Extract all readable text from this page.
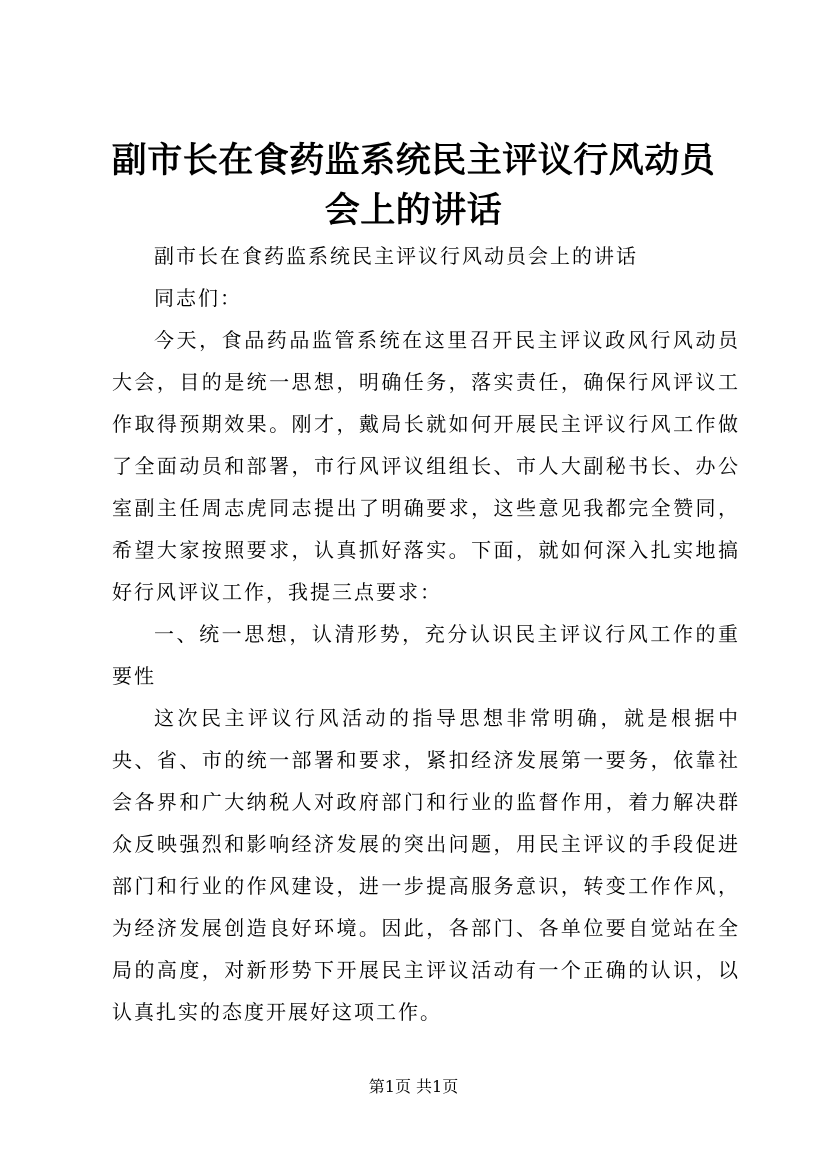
副市长在食药监系统民主评议行风动员会上的讲话

副市长在食药监系统民主评议行风动员会上的讲话

同志们：

今天，食品药品监管系统在这里召开民主评议政风行风动员大会，目的是统一思想，明确任务，落实责任，确保行风评议工作取得预期效果。刚才，戴局长就如何开展民主评议行风工作做了全面动员和部署，市行风评议组组长、市人大副秘书长、办公室副主任周志虎同志提出了明确要求，这些意见我都完全赞同，希望大家按照要求，认真抓好落实。下面，就如何深入扎实地搞好行风评议工作，我提三点要求：

一、统一思想，认清形势，充分认识民主评议行风工作的重要性

这次民主评议行风活动的指导思想非常明确，就是根据中央、省、市的统一部署和要求，紧扣经济发展第一要务，依靠社会各界和广大纳税人对政府部门和行业的监督作用，着力解决群众反映强烈和影响经济发展的突出问题，用民主评议的手段促进部门和行业的作风建设，进一步提高服务意识，转变工作作风，为经济发展创造良好环境。因此，各部门、各单位要自觉站在全局的高度，对新形势下开展民主评议活动有一个正确的认识，以认真扎实的态度开展好这项工作。

第1页 共1页
